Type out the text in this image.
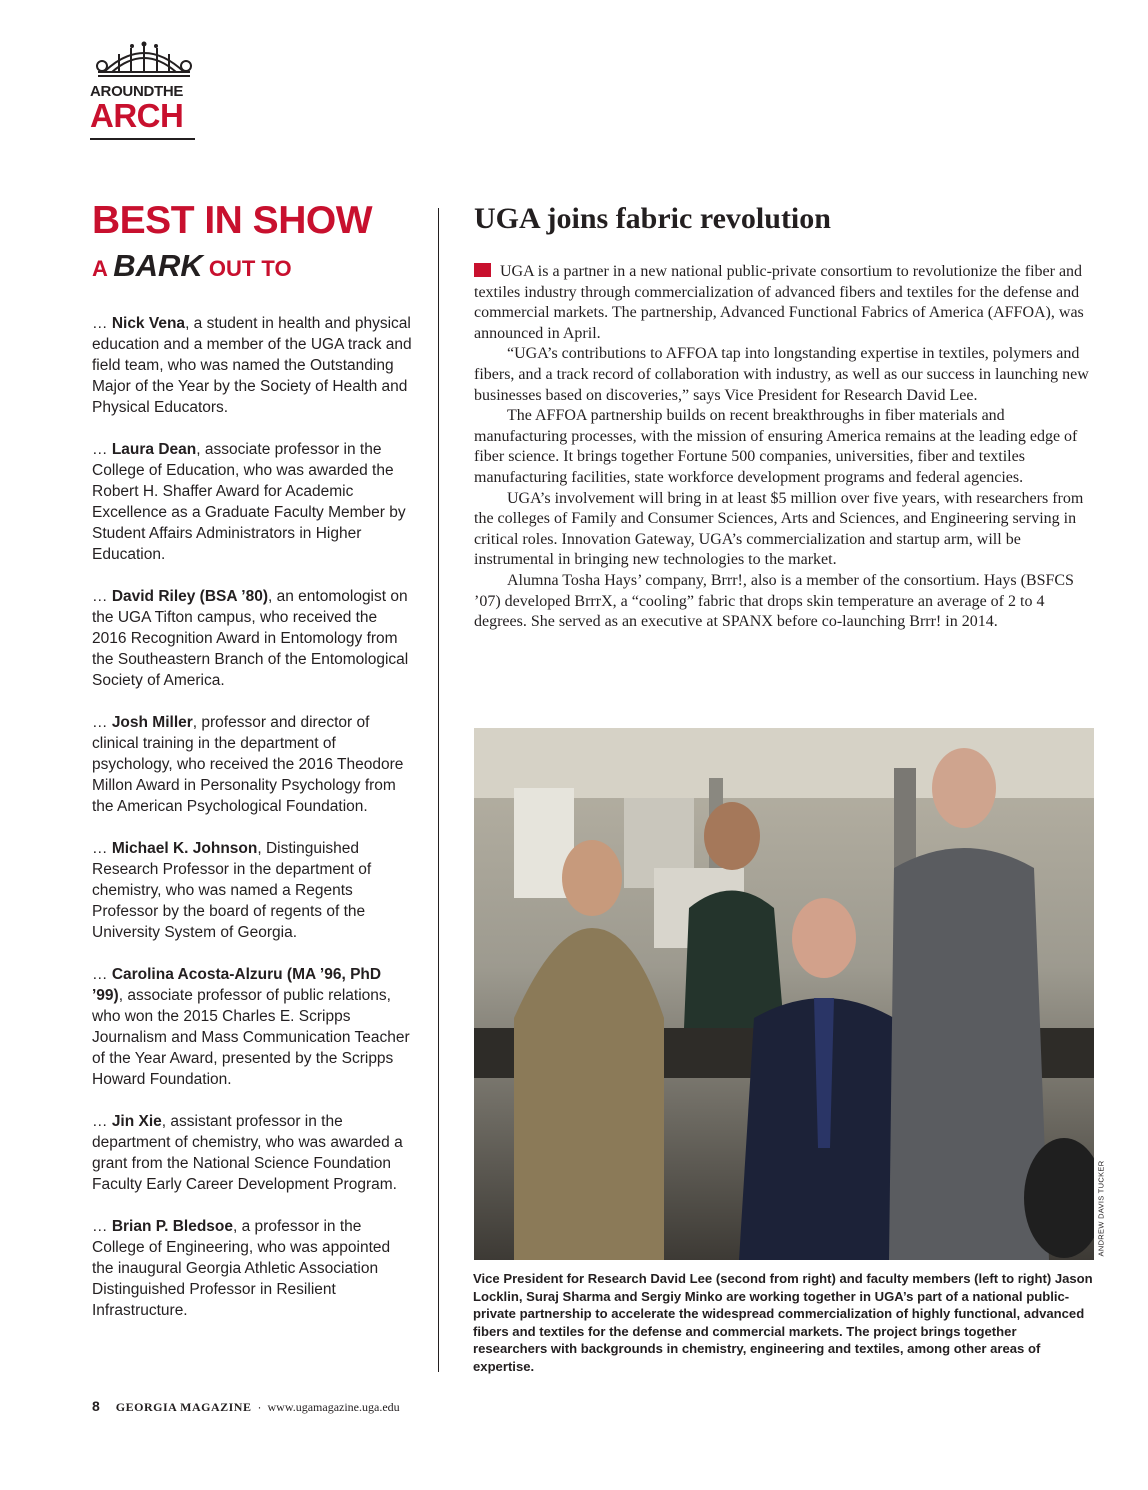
AROUNDTHE
ARCH
BEST IN SHOW
A BARK OUT TO
… Nick Vena, a student in health and physical education and a member of the UGA track and field team, who was named the Outstanding Major of the Year by the Society of Health and Physical Educators.
… Laura Dean, associate professor in the College of Education, who was awarded the Robert H. Shaffer Award for Academic Excellence as a Graduate Faculty Member by Student Affairs Administrators in Higher Education.
… David Riley (BSA ’80), an entomologist on the UGA Tifton campus, who received the 2016 Recognition Award in Entomology from the Southeastern Branch of the Entomological Society of America.
… Josh Miller, professor and director of clinical training in the department of psychology, who received the 2016 Theodore Millon Award in Personality Psychology from the American Psychological Foundation.
… Michael K. Johnson, Distinguished Research Professor in the department of chemistry, who was named a Regents Professor by the board of regents of the University System of Georgia.
… Carolina Acosta-Alzuru (MA ’96, PhD ’99), associate professor of public relations, who won the 2015 Charles E. Scripps Journalism and Mass Communication Teacher of the Year Award, presented by the Scripps Howard Foundation.
… Jin Xie, assistant professor in the department of chemistry, who was awarded a grant from the National Science Foundation Faculty Early Career Development Program.
… Brian P. Bledsoe, a professor in the College of Engineering, who was appointed the inaugural Georgia Athletic Association Distinguished Professor in Resilient Infrastructure.
UGA joins fabric revolution

UGA is a partner in a new national public-private consortium to revolutionize the fiber and textiles industry through commercialization of advanced fibers and textiles for the defense and commercial markets. The partnership, Advanced Functional Fabrics of America (AFFOA), was announced in April.

“UGA’s contributions to AFFOA tap into longstanding expertise in textiles, polymers and fibers, and a track record of collaboration with industry, as well as our success in launching new businesses based on discoveries,” says Vice President for Research David Lee.

The AFFOA partnership builds on recent breakthroughs in fiber materials and manufacturing processes, with the mission of ensuring America remains at the leading edge of fiber science. It brings together Fortune 500 companies, universities, fiber and textiles manufacturing facilities, state workforce development programs and federal agencies.

UGA’s involvement will bring in at least $5 million over five years, with researchers from the colleges of Family and Consumer Sciences, Arts and Sciences, and Engineering serving in critical roles. Innovation Gateway, UGA’s commercialization and startup arm, will be instrumental in bringing new technologies to the market.

Alumna Tosha Hays’ company, Brrr!, also is a member of the consortium. Hays (BSFCS ’07) developed BrrrX, a “cooling” fabric that drops skin temperature an average of 2 to 4 degrees. She served as an executive at SPANX before co-launching Brrr! in 2014.

ANDREW DAVIS TUCKER
Vice President for Research David Lee (second from right) and faculty members (left to right) Jason Locklin, Suraj Sharma and Sergiy Minko are working together in UGA’s part of a national public-private partnership to accelerate the widespread commercialization of highly functional, advanced fibers and textiles for the defense and commercial markets. The project brings together researchers with backgrounds in chemistry, engineering and textiles, among other areas of expertise.
8 GEORGIA MAGAZINE · www.ugamagazine.uga.edu
